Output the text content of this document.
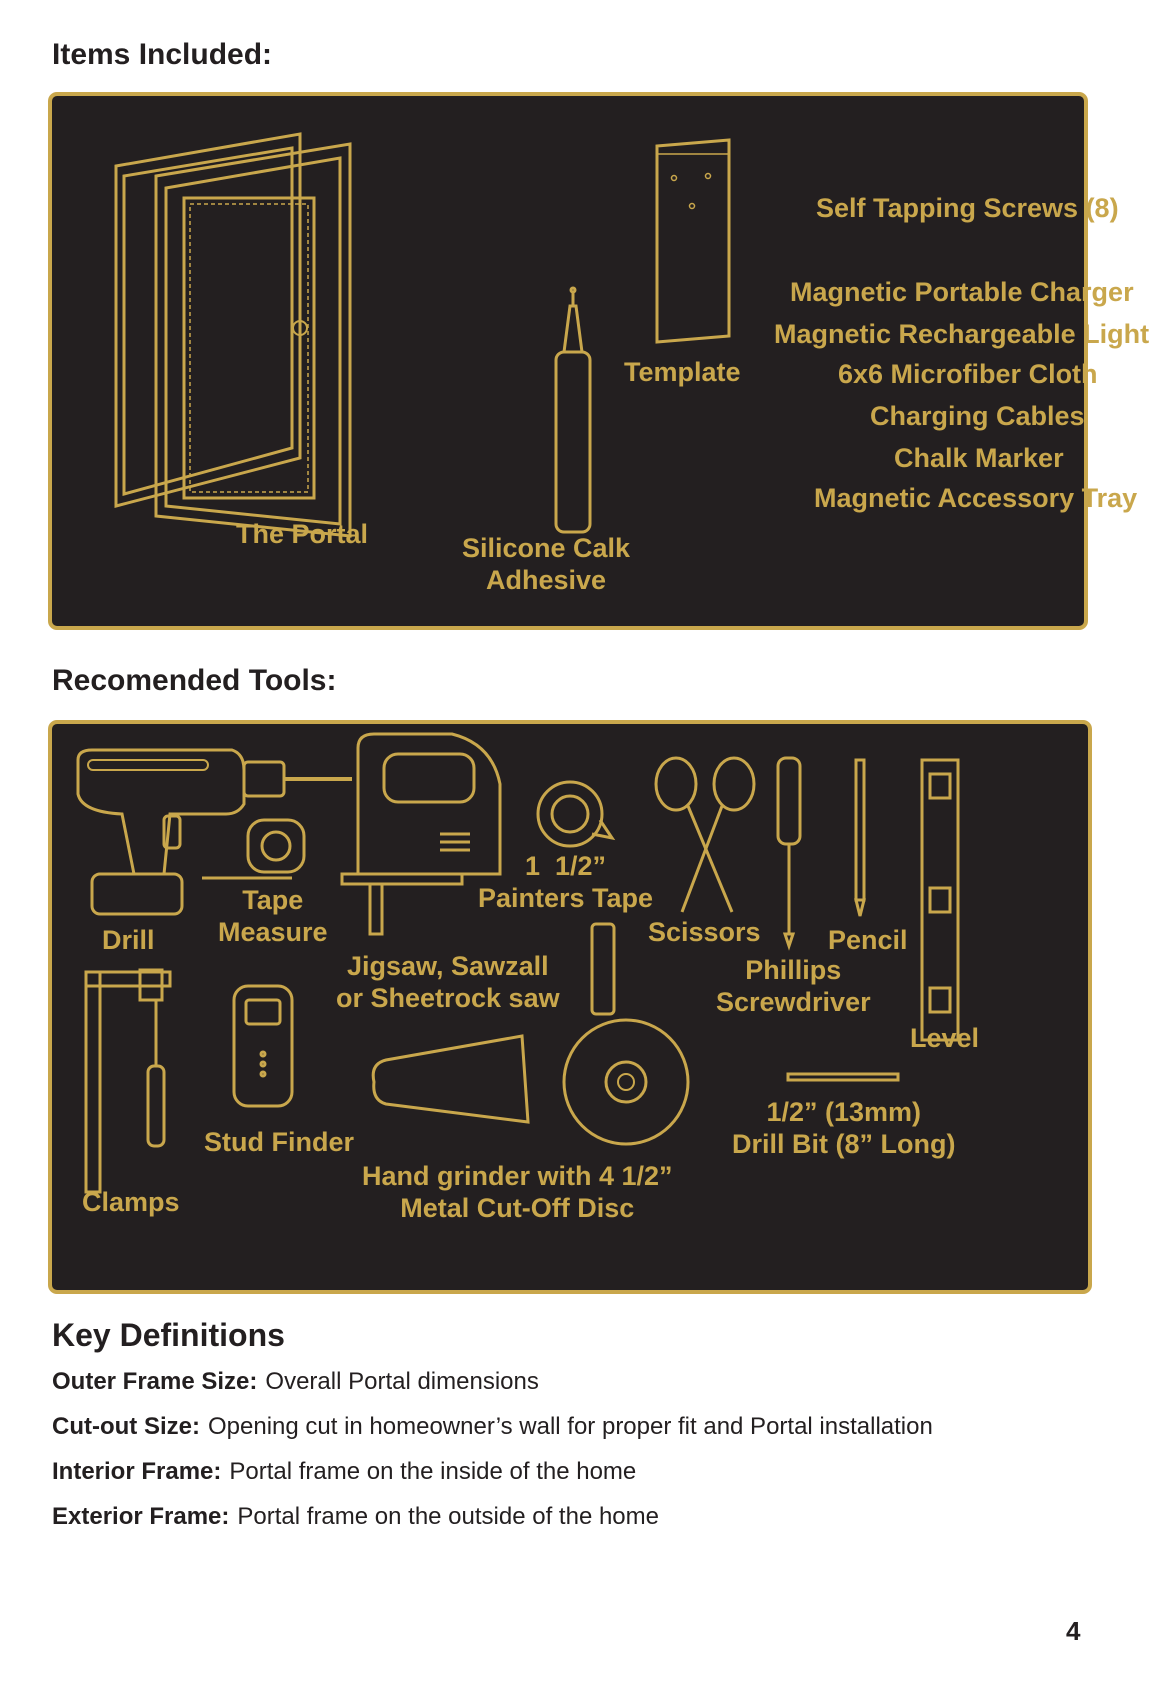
Items Included:
The Portal	Silicone Calk
Adhesive
Template
Self Tapping Screws (8)
Magnetic Portable Charger
Magnetic Rechargeable Light
6x6 Microfiber Cloth
Charging Cables
Chalk Marker
Magnetic Accessory Tray
Recomended Tools:
Drill
Tape
Measure
Jigsaw, Sawzall
or Sheetrock saw
1  1/2”
Painters Tape
Scissors
Phillips
Screwdriver
Pencil
Level
Clamps
Stud Finder
Hand grinder with 4 1/2”
Metal Cut-Off Disc
1/2” (13mm)
Drill Bit (8” Long)
Key Definitions
Outer Frame Size: Overall Portal dimensions
Cut-out Size: Opening cut in homeowner’s wall for proper fit and Portal installation
Interior Frame: Portal frame on the inside of the home
Exterior Frame: Portal frame on the outside of the home
4
